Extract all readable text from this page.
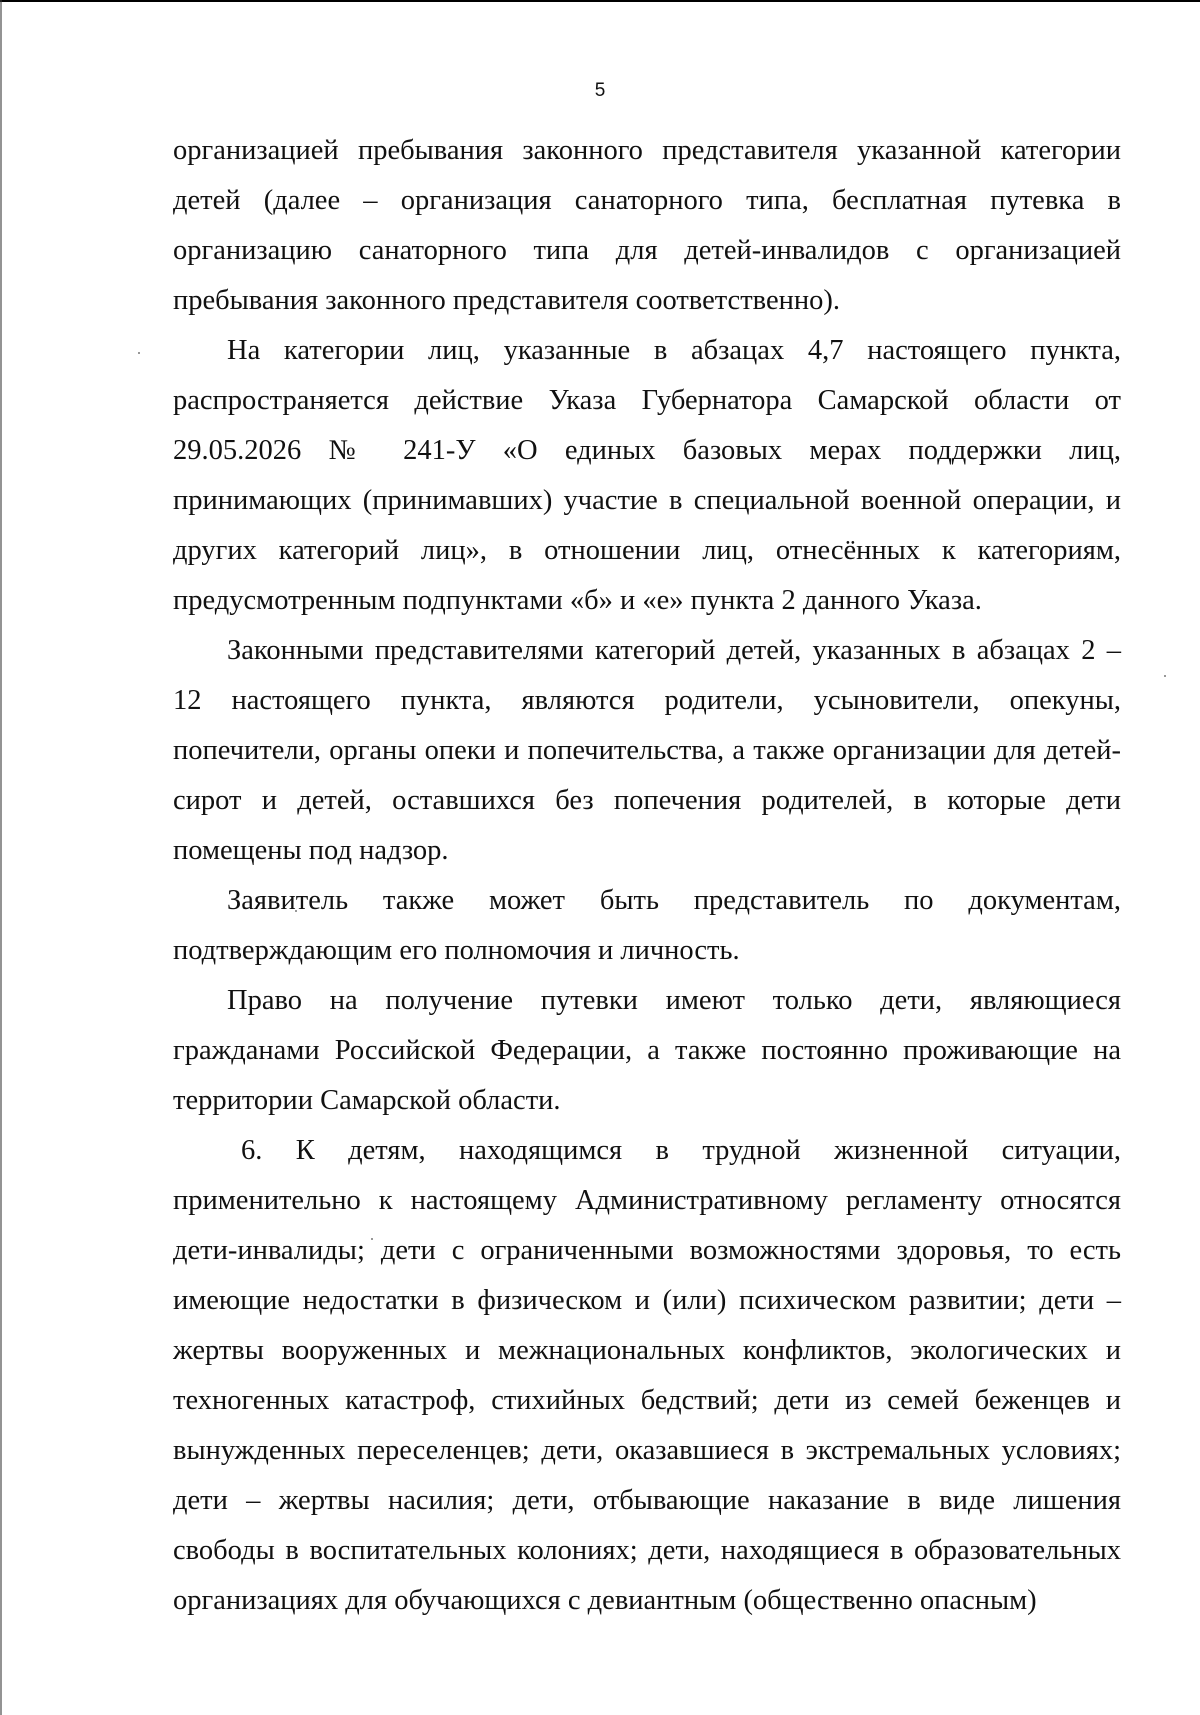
5

организацией пребывания законного представителя указанной категории детей (далее – организация санаторного типа, бесплатная путевка в организацию санаторного типа для детей-инвалидов с организацией пребывания законного представителя соответственно).

На категории лиц, указанные в абзацах 4,7 настоящего пункта, распространяется действие Указа Губернатора Самарской области от 29.05.2026 № 241-У «О единых базовых мерах поддержки лиц, принимающих (принимавших) участие в специальной военной операции, и других категорий лиц», в отношении лиц, отнесённых к категориям, предусмотренным подпунктами «б» и «е» пункта 2 данного Указа.

Законными представителями категорий детей, указанных в абзацах 2 – 12 настоящего пункта, являются родители, усыновители, опекуны, попечители, органы опеки и попечительства, а также организации для детей-сирот и детей, оставшихся без попечения родителей, в которые дети помещены под надзор.

Заявитель также может быть представитель по документам, подтверждающим его полномочия и личность.

Право на получение путевки имеют только дети, являющиеся гражданами Российской Федерации, а также постоянно проживающие на территории Самарской области.

6. К детям, находящимся в трудной жизненной ситуации, применительно к настоящему Административному регламенту относятся дети-инвалиды; дети с ограниченными возможностями здоровья, то есть имеющие недостатки в физическом и (или) психическом развитии; дети – жертвы вооруженных и межнациональных конфликтов, экологических и техногенных катастроф, стихийных бедствий; дети из семей беженцев и вынужденных переселенцев; дети, оказавшиеся в экстремальных условиях; дети – жертвы насилия; дети, отбывающие наказание в виде лишения свободы в воспитательных колониях; дети, находящиеся в образовательных организациях для обучающихся с девиантным (общественно опасным)
